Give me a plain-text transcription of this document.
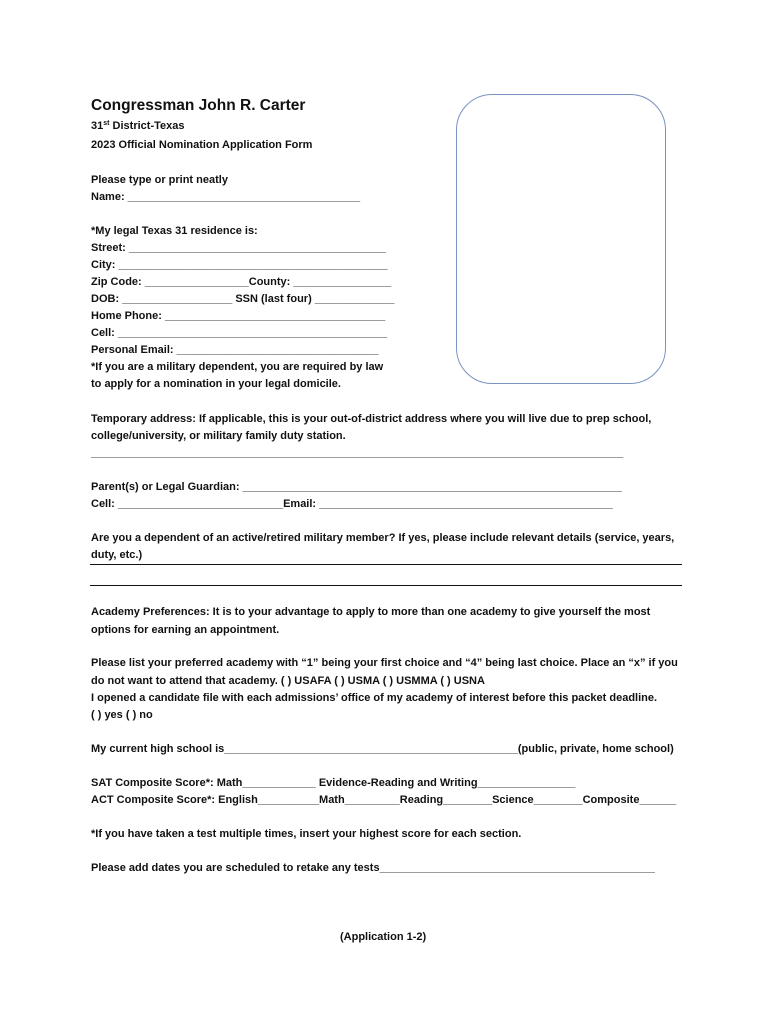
Congressman John R. Carter
31st District-Texas
2023 Official Nomination Application Form
Please type or print neatly
Name: ______________________________________
*My legal Texas 31 residence is:
Street: __________________________________________
City: ____________________________________________
Zip Code: _________________County: ________________
DOB: __________________ SSN (last four) _____________
Home Phone: ____________________________________
Cell: ____________________________________________
Personal Email: _________________________________
*If you are a military dependent, you are required by law
to apply for a nomination in your legal domicile.
Temporary address: If applicable, this is your out-of-district address where you will live due to prep school,
college/university, or military family duty station.
_______________________________________________________________________________________
Parent(s) or Legal Guardian: ______________________________________________________________
Cell: ___________________________Email: ________________________________________________
Are you a dependent of an active/retired military member? If yes, please include relevant details (service, years,
duty, etc.)
Academy Preferences: It is to your advantage to apply to more than one academy to give yourself the most
options for earning an appointment.
Please list your preferred academy with “1” being your first choice and “4” being last choice. Place an “x” if you
do not want to attend that academy. ( ) USAFA ( ) USMA ( ) USMMA ( ) USNA
I opened a candidate file with each admissions’ office of my academy of interest before this packet deadline.
( ) yes ( ) no
My current high school is________________________________________________(public, private, home school)
SAT Composite Score*: Math____________ Evidence-Reading and Writing________________
ACT Composite Score*: English__________Math_________Reading________Science________Composite______
*If you have taken a test multiple times, insert your highest score for each section.
Please add dates you are scheduled to retake any tests_____________________________________________
(Application 1-2)
